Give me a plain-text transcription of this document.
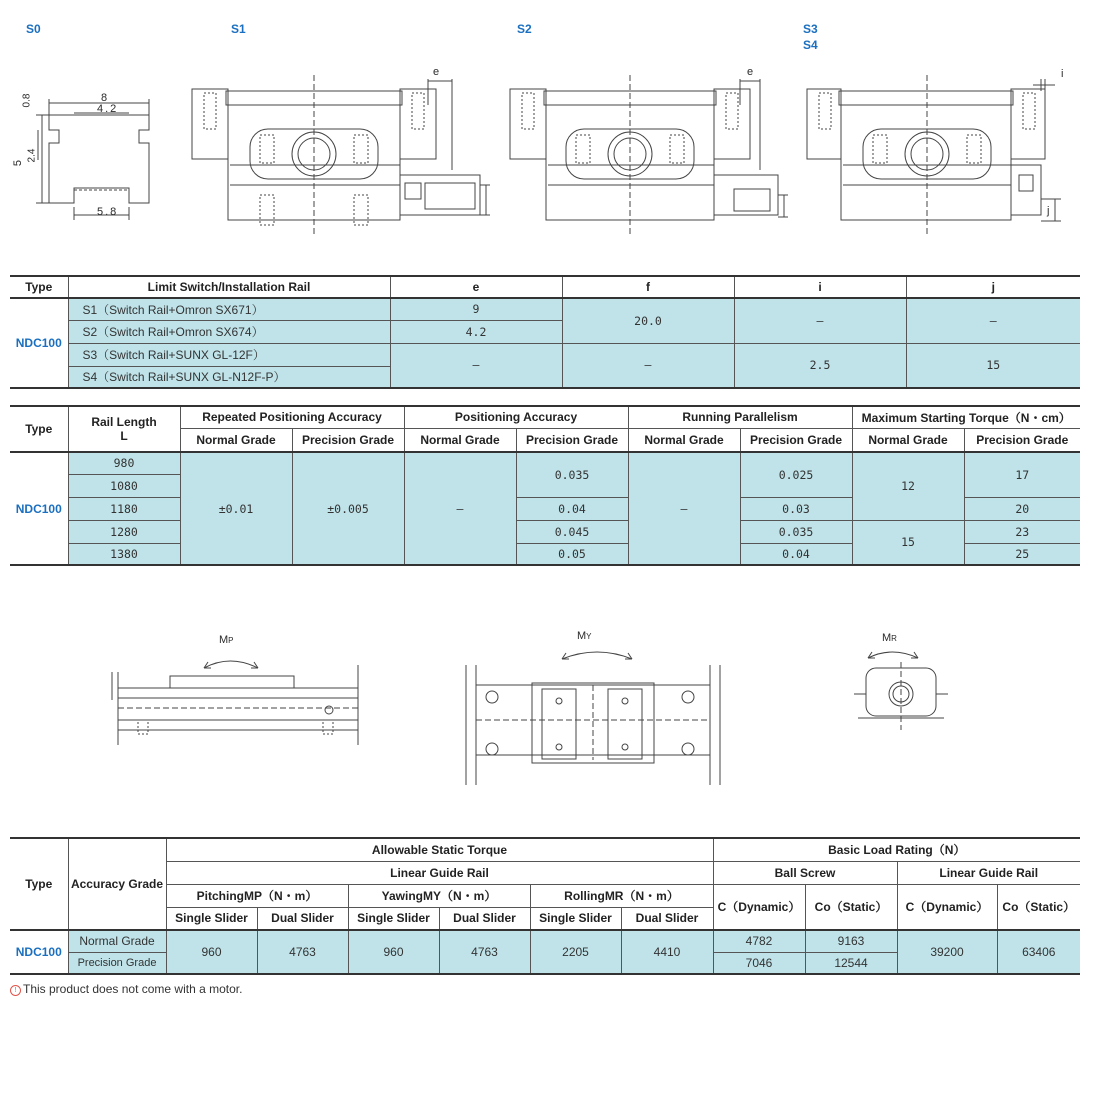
S0	S1	S2	S3
S4
8
4.2
0.8
5
2.4
5.8
e	e	i
j
Type	Limit Switch/Installation Rail	e	f	i	j
NDC100	S1（Switch Rail+Omron SX671）	9	20.0	–	–
	S2（Switch Rail+Omron SX674）	4.2			
	S3（Switch Rail+SUNX GL-12F）	–	–	2.5	15
	S4（Switch Rail+SUNX GL-N12F-P）				
Type	Rail Length
L	Repeated Positioning Accuracy		Positioning Accuracy		Running Parallelism		Maximum Starting Torque（N・cm）	
		Normal Grade	Precision Grade	Normal Grade	Precision Grade	Normal Grade	Precision Grade	Normal Grade	Precision Grade
NDC100	980	±0.01	±0.005	–	0.035	–	0.025	12	17
	1080								
	1180				0.04		0.03		20
	1280				0.045		0.035	15	23
	1380				0.05		0.04		25
MP	MY	MR
Type	Accuracy Grade	Allowable Static Torque						Basic Load Rating（N）			
		Linear Guide Rail						Ball Screw		Linear Guide Rail	
		PitchingMP（N・m）		YawingMY（N・m）		RollingMR（N・m）		C（Dynamic）	Co（Static）	C（Dynamic）	Co（Static）
		Single Slider	Dual Slider	Single Slider	Dual Slider	Single Slider	Dual Slider				
NDC100	Normal Grade	960	4763	960	4763	2205	4410	4782	9163	39200	63406
	Precision Grade							7046	12544		
! This product does not come with a motor.
